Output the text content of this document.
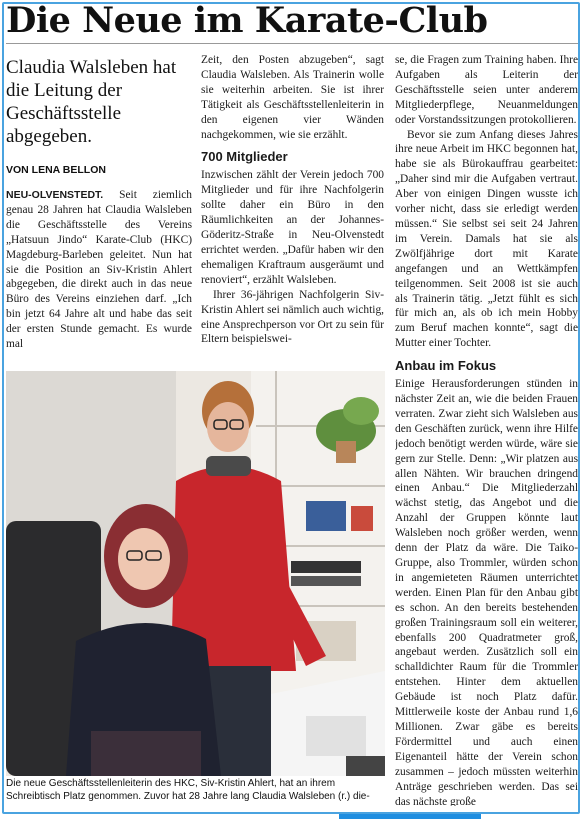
Die Neue im Karate-Club
Claudia Walsleben hat die Leitung der Geschäftsstelle abgegeben.
VON LENA BELLON

NEU-OLVENSTEDT. Seit ziemlich genau 28 Jahren hat Claudia Walsleben die Geschäftsstelle des Vereins „Hatsuun Jindo“ Karate-Club (HKC) Magdeburg-Barleben geleitet. Nun hat sie die Position an Siv-Kristin Ahlert abgegeben, die direkt auch in das neue Büro des Vereins einziehen darf. „Ich bin jetzt 64 Jahre alt und habe das seit der ersten Stunde gemacht. Es wurde mal

Zeit, den Posten abzugeben“, sagt Claudia Walsleben. Als Trainerin wolle sie weiterhin arbeiten. Sie ist ihrer Tätigkeit als Geschäftsstellenleiterin in den eigenen vier Wänden nachgekommen, wie sie erzählt.

700 Mitglieder

Inzwischen zählt der Verein jedoch 700 Mitglieder und für ihre Nachfolgerin sollte daher ein Büro in den Räumlichkeiten an der Johannes-Göderitz-Straße in Neu-Olvenstedt errichtet werden. „Dafür haben wir den ehemaligen Kraftraum ausgeräumt und renoviert“, erzählt Walsleben.

Ihrer 36-jährigen Nachfolgerin Siv-Kristin Ahlert sei nämlich auch wichtig, eine Ansprechperson vor Ort zu sein für Eltern beispielswei-

se, die Fragen zum Training haben. Ihre Aufgaben als Leiterin der Geschäftsstelle seien unter anderem Mitgliederpflege, Neuanmeldungen oder Vorstandssitzungen protokollieren.

Bevor sie zum Anfang dieses Jahres ihre neue Arbeit im HKC begonnen hat, habe sie als Bürokauffrau gearbeitet: „Daher sind mir die Aufgaben vertraut. Aber von einigen Dingen wusste ich vorher nicht, dass sie erledigt werden müssen.“ Sie selbst sei seit 24 Jahren im Verein. Damals hat sie als Zwölfjährige dort mit Karate angefangen und an Wettkämpfen teilgenommen. Seit 2008 ist sie auch als Trainerin tätig. „Jetzt fühlt es sich für mich an, als ob ich mein Hobby zum Beruf machen konnte“, sagt die Mutter einer Tochter.

Anbau im Fokus

Einige Herausforderungen stünden in nächster Zeit an, wie die beiden Frauen verraten. Zwar zieht sich Walsleben aus den Geschäften zurück, wenn ihre Hilfe jedoch benötigt werden würde, wäre sie gern zur Stelle. Denn: „Wir platzen aus allen Nähten. Wir brauchen dringend einen Anbau.“ Die Mitgliederzahl wächst stetig, das Angebot und die Anzahl der Gruppen könnte laut Walsleben noch größer werden, wenn denn der Platz da wäre. Die Taiko-Gruppe, also Trommler, würden schon in angemieteten Räumen unterrichtet werden. Einen Plan für den Anbau gibt es schon. An den bereits bestehenden großen Trainingsraum soll ein weiterer, ebenfalls 200 Quadratmeter groß, angebaut werden. Zusätzlich soll ein schalldichter Raum für die Trommler entstehen. Hinter dem aktuellen Gebäude ist noch Platz dafür. Mittlerweile koste der Anbau rund 1,6 Millionen. Zwar gäbe es bereits Fördermittel und auch einen Eigenanteil hätte der Verein schon zusammen – jedoch müssten weiterhin Anträge geschrieben werden. Das sei das nächste große

Die neue Geschäftsstellenleiterin des HKC, Siv-Kristin Ahlert, hat an ihrem Schreibtisch Platz genommen. Zuvor hat 28 Jahre lang Claudia Walsleben (r.) die-
